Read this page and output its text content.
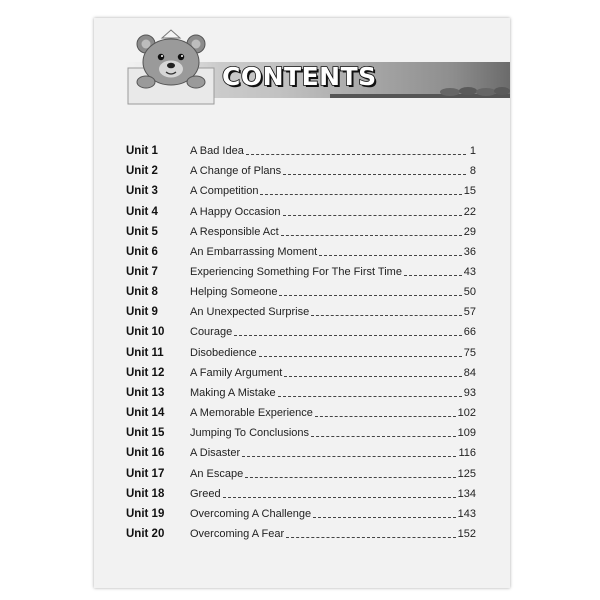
CONTENTS
Unit 1	A Bad Idea	1
Unit 2	A Change of Plans	8
Unit 3	A Competition	15
Unit 4	A Happy Occasion	22
Unit 5	A Responsible Act	29
Unit 6	An Embarrassing Moment	36
Unit 7	Experiencing Something For The First Time	43
Unit 8	Helping Someone	50
Unit 9	An Unexpected Surprise	57
Unit 10	Courage	66
Unit 11	Disobedience	75
Unit 12	A Family Argument	84
Unit 13	Making A Mistake	93
Unit 14	A Memorable Experience	102
Unit 15	Jumping To Conclusions	109
Unit 16	A Disaster	116
Unit 17	An Escape	125
Unit 18	Greed	134
Unit 19	Overcoming A Challenge	143
Unit 20	Overcoming A Fear	152
